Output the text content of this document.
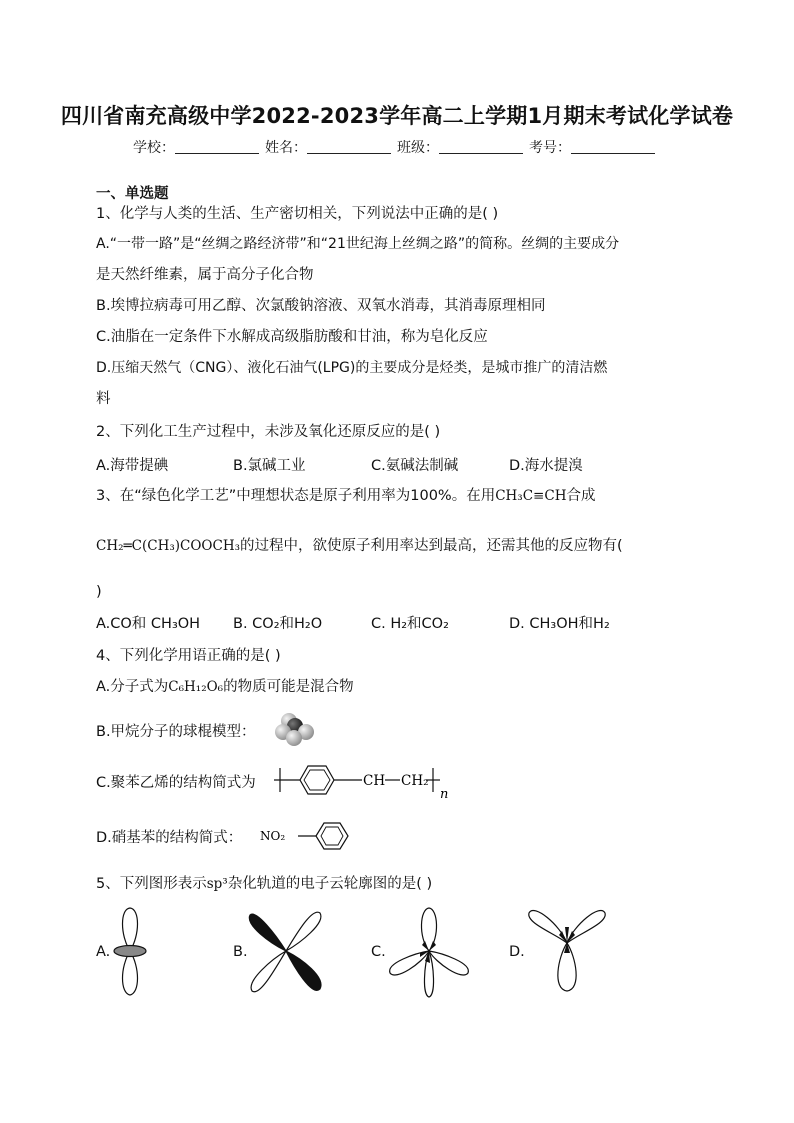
四川省南充高级中学2022-2023学年高二上学期1月期末考试化学试卷
学校：	姓名：	班级：	考号：
一、单选题
1、化学与人类的生活、生产密切相关，下列说法中正确的是( )
A.“一带一路”是“丝绸之路经济带”和“21世纪海上丝绸之路”的简称。丝绸的主要成分
是天然纤维素，属于高分子化合物
B.埃博拉病毒可用乙醇、次氯酸钠溶液、双氧水消毒，其消毒原理相同
C.油脂在一定条件下水解成高级脂肪酸和甘油，称为皂化反应
D.压缩天然气（CNG）、液化石油气(LPG)的主要成分是烃类，是城市推广的清洁燃
料
2、下列化工生产过程中，未涉及氧化还原反应的是( )
A.海带提碘	B.氯碱工业	C.氨碱法制碱	D.海水提溴
3、在“绿色化学工艺”中理想状态是原子利用率为100%。在用CH₃C≡CH合成
CH₂═C(CH₃)COOCH₃的过程中，欲使原子利用率达到最高，还需其他的反应物有(
)
A.CO和 CH₃OH B. CO₂和H₂O	C. H₂和CO₂	D. CH₃OH和H₂
4、下列化学用语正确的是( )
A.分子式为C₆H₁₂O₆的物质可能是混合物
B.甲烷分子的球棍模型：
C.聚苯乙烯的结构简式为	CH CH₂
n
D.硝基苯的结构简式： NO₂
5、下列图形表示sp³杂化轨道的电子云轮廓图的是( )
A.	B.	C.	D.
